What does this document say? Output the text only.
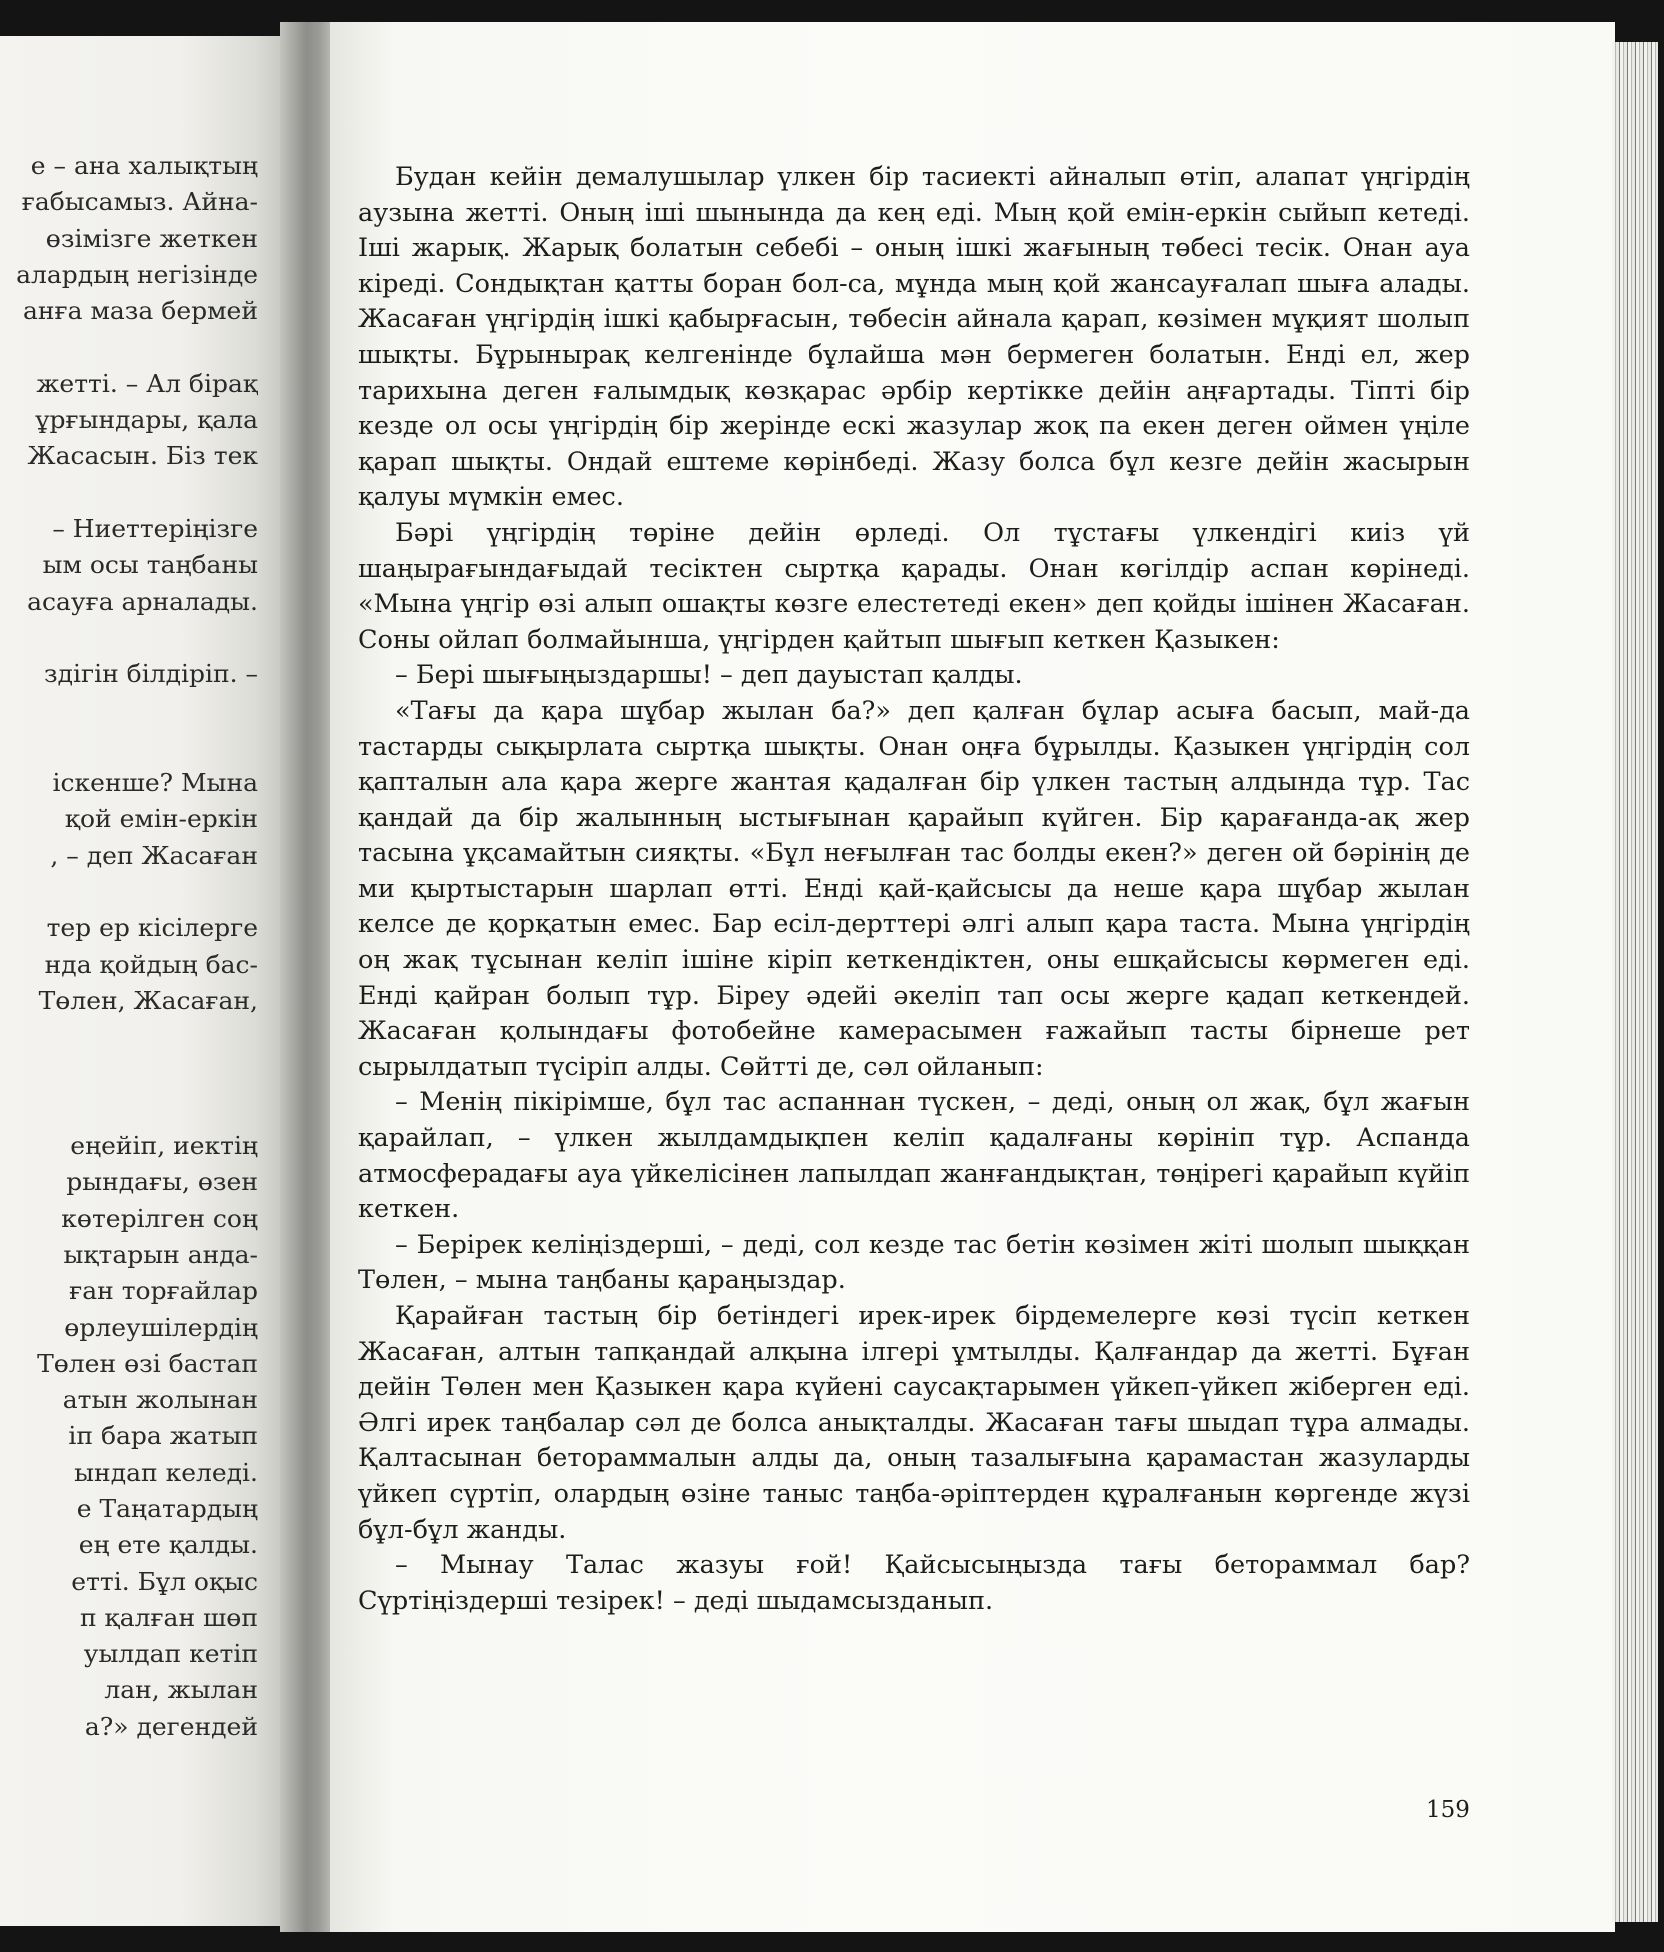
е – ана халықтың
ғабысамыз. Айна-
өзімізге жеткен
алардың негізінде
анға маза бермей
жетті. – Ал бірақ
ұрғындары, қала
Жасасын. Біз тек
– Ниеттеріңізге
ым осы таңбаны
асауға арналады.
здігін білдіріп. –
іскенше? Мына
қой емін-еркін
, – деп Жасаған
тер ер кісілерге
нда қойдың бас-
Төлен, Жасаған,
еңейіп, иектің
рындағы, өзен
көтерілген соң
ықтарын анда-
ған торғайлар
өрлеушілердің
Төлен өзі бастап
атын жолынан
іп бара жатып
ындап келеді.
е Таңатардың
ең ете қалды.
етті. Бұл оқыс
п қалған шөп
уылдап кетіп
лан, жылан
а?» дегендей

Будан кейін демалушылар үлкен бір тасиекті айналып өтіп, алапат үңгірдің аузына жетті. Оның іші шынында да кең еді. Мың қой емін-еркін сыйып кетеді. Іші жарық. Жарық болатын себебі – оның ішкі жағының төбесі тесік. Онан ауа кіреді. Сондықтан қатты боран бол-са, мұнда мың қой жансауғалап шыға алады. Жасаған үңгірдің ішкі қабырғасын, төбесін айнала қарап, көзімен мұқият шолып шықты. Бұрынырақ келгенінде бұлайша мән бермеген болатын. Енді ел, жер тарихына деген ғалымдық көзқарас әрбір кертікке дейін аңғартады. Тіпті бір кезде ол осы үңгірдің бір жерінде ескі жазулар жоқ па екен деген оймен үңіле қарап шықты. Ондай ештеме көрінбеді. Жазу болса бұл кезге дейін жасырын қалуы мүмкін емес.

Бәрі үңгірдің төріне дейін өрледі. Ол тұстағы үлкендігі киіз үй шаңырағындағыдай тесіктен сыртқа қарады. Онан көгілдір аспан көрінеді. «Мына үңгір өзі алып ошақты көзге елестетеді екен» деп қойды ішінен Жасаған. Соны ойлап болмайынша, үңгірден қайтып шығып кеткен Қазыкен:

– Бері шығыңыздаршы! – деп дауыстап қалды.

«Тағы да қара шұбар жылан ба?» деп қалған бұлар асыға басып, май-да тастарды сықырлата сыртқа шықты. Онан оңға бұрылды. Қазыкен үңгірдің сол қапталын ала қара жерге жантая қадалған бір үлкен тастың алдында тұр. Тас қандай да бір жалынның ыстығынан қарайып күйген. Бір қарағанда-ақ жер тасына ұқсамайтын сияқты. «Бұл неғылған тас болды екен?» деген ой бәрінің де ми қыртыстарын шарлап өтті. Енді қай-қайсысы да неше қара шұбар жылан келсе де қорқатын емес. Бар есіл-дерттері әлгі алып қара таста. Мына үңгірдің оң жақ тұсынан келіп ішіне кіріп кеткендіктен, оны ешқайсысы көрмеген еді. Енді қайран болып тұр. Біреу әдейі әкеліп тап осы жерге қадап кеткендей. Жасаған қолындағы фотобейне камерасымен ғажайып тасты бірнеше рет сырылдатып түсіріп алды. Сөйтті де, сәл ойланып:

– Менің пікірімше, бұл тас аспаннан түскен, – деді, оның ол жақ, бұл жағын қарайлап, – үлкен жылдамдықпен келіп қадалғаны көрініп тұр. Аспанда атмосферадағы ауа үйкелісінен лапылдап жанғандықтан, төңірегі қарайып күйіп кеткен.

– Берірек келіңіздерші, – деді, сол кезде тас бетін көзімен жіті шолып шыққан Төлен, – мына таңбаны қараңыздар.

Қарайған тастың бір бетіндегі ирек-ирек бірдемелерге көзі түсіп кеткен Жасаған, алтын тапқандай алқына ілгері ұмтылды. Қалғандар да жетті. Бұған дейін Төлен мен Қазыкен қара күйені саусақтарымен үйкеп-үйкеп жіберген еді. Әлгі ирек таңбалар сәл де болса анықталды. Жасаған тағы шыдап тұра алмады. Қалтасынан бетораммалын алды да, оның тазалығына қарамастан жазуларды үйкеп сүртіп, олардың өзіне таныс таңба-әріптерден құралғанын көргенде жүзі бұл-бұл жанды.

– Мынау Талас жазуы ғой! Қайсысыңызда тағы бетораммал бар? Сүртіңіздерші тезірек! – деді шыдамсызданып.

159
